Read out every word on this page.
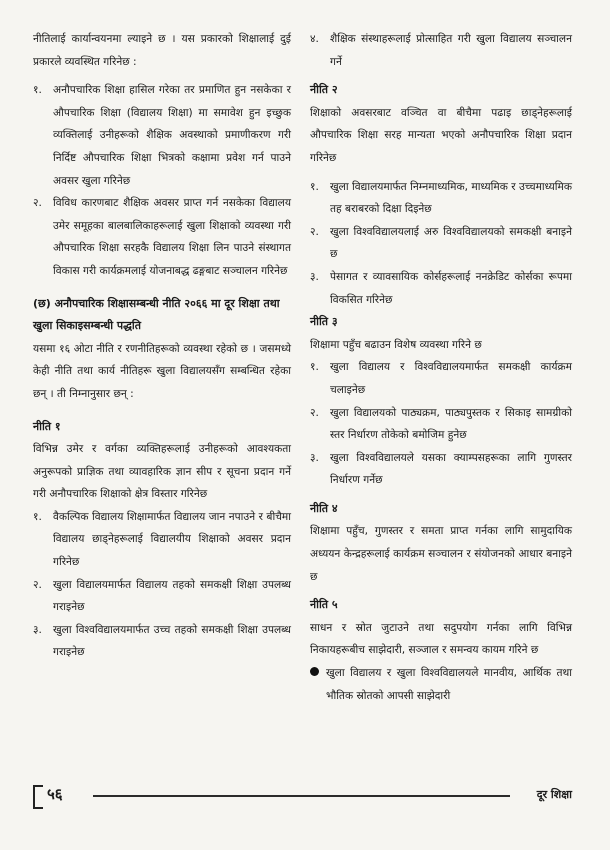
नीतिलाई कार्यान्वयनमा ल्याइने छ । यस प्रकारको शिक्षालाई दुई प्रकारले व्यवस्थित गरिनेछ :

१.	अनौपचारिक शिक्षा हासिल गरेका तर प्रमाणित हुन नसकेका र औपचारिक शिक्षा (विद्यालय शिक्षा) मा समावेश हुन इच्छुक व्यक्तिलाई उनीहरूको शैक्षिक अवस्थाको प्रमाणीकरण गरी निर्दिष्ट औपचारिक शिक्षा भित्रको कक्षामा प्रवेश गर्न पाउने अवसर खुला गरिनेछ
२.	विविध कारणबाट शैक्षिक अवसर प्राप्त गर्न नसकेका विद्यालय उमेर समूहका बालबालिकाहरूलाई खुला शिक्षाको व्यवस्था गरी औपचारिक शिक्षा सरहकै विद्यालय शिक्षा लिन पाउने संस्थागत विकास गरी कार्यक्रमलाई योजनाबद्ध ढङ्गबाट सञ्चालन गरिनेछ

(छ) अनौपचारिक शिक्षासम्बन्धी नीति २०६६ मा दूर शिक्षा तथा खुला सिकाइसम्बन्धी पद्धति

यसमा १६ ओटा नीति र रणनीतिहरूको व्यवस्था रहेको छ । जसमध्ये केही नीति तथा कार्य नीतिहरू खुला विद्यालयसँग सम्बन्धित रहेका छन् । ती निम्नानुसार छन् :

नीति १

विभिन्न उमेर र वर्गका व्यक्तिहरूलाई उनीहरूको आवश्यकता अनुरूपको प्राज्ञिक तथा व्यावहारिक ज्ञान सीप र सूचना प्रदान गर्ने गरी अनौपचारिक शिक्षाको क्षेत्र विस्तार गरिनेछ

१.	वैकल्पिक विद्यालय शिक्षामार्फत विद्यालय जान नपाउने र बीचैमा विद्यालय छाड्नेहरूलाई विद्यालयीय शिक्षाको अवसर प्रदान गरिनेछ
२.	खुला विद्यालयमार्फत विद्यालय तहको समकक्षी शिक्षा उपलब्ध गराइनेछ
३.	खुला विश्वविद्यालयमार्फत उच्च तहको समकक्षी शिक्षा उपलब्ध गराइनेछ
४.	शैक्षिक संस्थाहरूलाई प्रोत्साहित गरी खुला विद्यालय सञ्चालन गर्ने

नीति २

शिक्षाको अवसरबाट वञ्चित वा बीचैमा पढाइ छाड्नेहरूलाई औपचारिक शिक्षा सरह मान्यता भएको अनौपचारिक शिक्षा प्रदान गरिनेछ

१.	खुला विद्यालयमार्फत निम्नमाध्यमिक, माध्यमिक र उच्चमाध्यमिक तह बराबरको दिक्षा दिइनेछ
२.	खुला विश्वविद्यालयलाई अरु विश्वविद्यालयको समकक्षी बनाइने छ
३.	पेसागत र व्यावसायिक कोर्सहरूलाई ननक्रेडिट कोर्सका रूपमा विकसित गरिनेछ

नीति ३

शिक्षामा पहुँच बढाउन विशेष व्यवस्था गरिने छ

१.	खुला विद्यालय र विश्वविद्यालयमार्फत समकक्षी कार्यक्रम चलाइनेछ
२.	खुला विद्यालयको पाठ्यक्रम, पाठ्यपुस्तक र सिकाइ सामग्रीको स्तर निर्धारण तोकेको बमोजिम हुनेछ
३.	खुला विश्वविद्यालयले यसका क्याम्पसहरूका लागि गुणस्तर निर्धारण गर्नेछ

नीति ४

शिक्षामा पहुँच, गुणस्तर र समता प्राप्त गर्नका लागि सामुदायिक अध्ययन केन्द्रहरूलाई कार्यक्रम सञ्चालन र संयोजनको आधार बनाइने छ

नीति ५

साधन र स्रोत जुटाउने तथा सदुपयोग गर्नका लागि विभिन्न निकायहरूबीच साझेदारी, सञ्जाल र समन्वय कायम गरिने छ

खुला विद्यालय र खुला विश्वविद्यालयले मानवीय, आर्थिक तथा भौतिक स्रोतको आपसी साझेदारी
५६	दूर शिक्षा
